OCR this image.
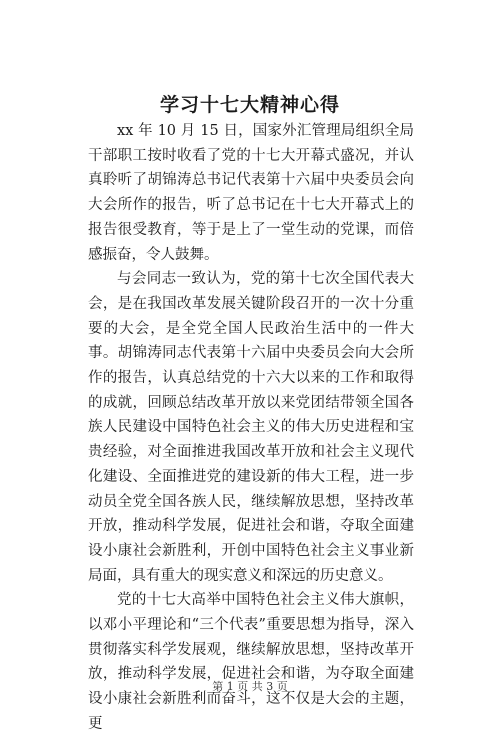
学习十七大精神心得

xx 年 10 月 15 日，国家外汇管理局组织全局干部职工按时收看了党的十七大开幕式盛况，并认真聆听了胡锦涛总书记代表第十六届中央委员会向大会所作的报告，听了总书记在十七大开幕式上的报告很受教育，等于是上了一堂生动的党课，而倍感振奋，令人鼓舞。

与会同志一致认为，党的第十七次全国代表大会，是在我国改革发展关键阶段召开的一次十分重要的大会，是全党全国人民政治生活中的一件大事。胡锦涛同志代表第十六届中央委员会向大会所作的报告，认真总结党的十六大以来的工作和取得的成就，回顾总结改革开放以来党团结带领全国各族人民建设中国特色社会主义的伟大历史进程和宝贵经验，对全面推进我国改革开放和社会主义现代化建设、全面推进党的建设新的伟大工程，进一步动员全党全国各族人民，继续解放思想，坚持改革开放，推动科学发展，促进社会和谐，夺取全面建设小康社会新胜利，开创中国特色社会主义事业新局面，具有重大的现实意义和深远的历史意义。

党的十七大高举中国特色社会主义伟大旗帜，以邓小平理论和“三个代表”重要思想为指导，深入贯彻落实科学发展观，继续解放思想，坚持改革开放，推动科学发展，促进社会和谐，为夺取全面建设小康社会新胜利而奋斗，这不仅是大会的主题，更

第 1 页 共 3 页
